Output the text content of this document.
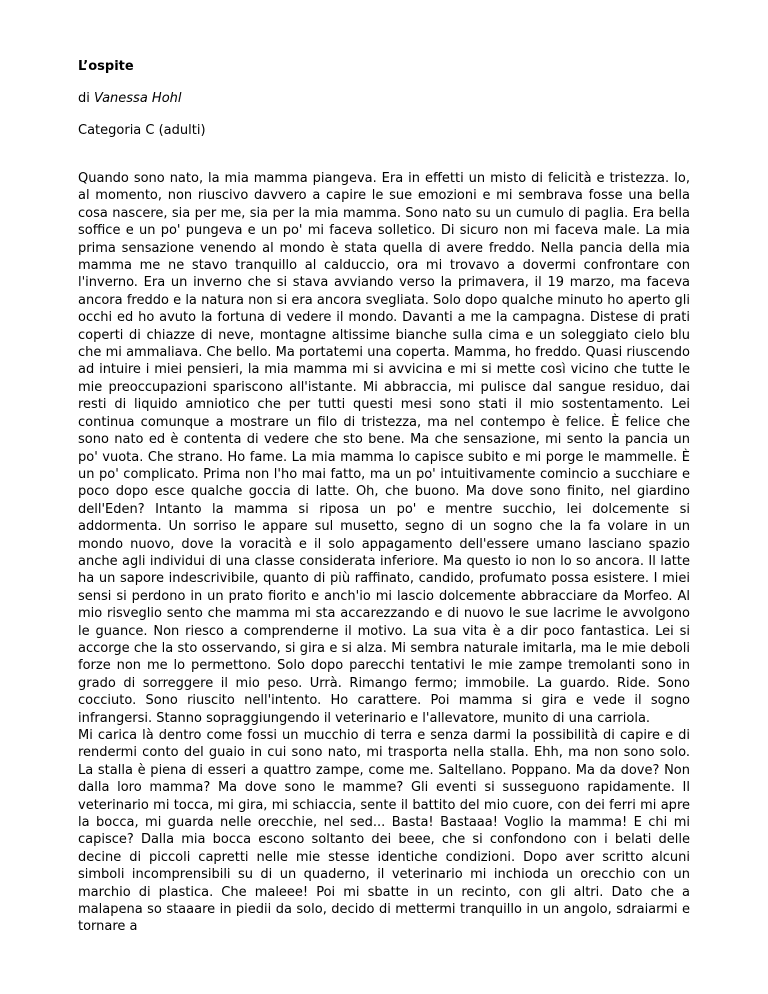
L’ospite

di Vanessa Hohl

Categoria C (adulti)

Quando sono nato, la mia mamma piangeva. Era in effetti un misto di felicità e tristezza. Io, al momento, non riuscivo davvero a capire le sue emozioni e mi sembrava fosse una bella cosa nascere, sia per me, sia per la mia mamma. Sono nato su un cumulo di paglia. Era bella soffice e un po' pungeva e un po' mi faceva solletico. Di sicuro non mi faceva male. La mia prima sensazione venendo al mondo è stata quella di avere freddo. Nella pancia della mia mamma me ne stavo tranquillo al calduccio, ora mi trovavo a dovermi confrontare con l'inverno. Era un inverno che si stava avviando verso la primavera, il 19 marzo, ma faceva ancora freddo e la natura non si era ancora svegliata. Solo dopo qualche minuto ho aperto gli occhi ed ho avuto la fortuna di vedere il mondo. Davanti a me la campagna. Distese di prati coperti di chiazze di neve, montagne altissime bianche sulla cima e un soleggiato cielo blu che mi ammaliava. Che bello. Ma portatemi una coperta. Mamma, ho freddo. Quasi riuscendo ad intuire i miei pensieri, la mia mamma mi si avvicina e mi si mette così vicino che tutte le mie preoccupazioni spariscono all'istante. Mi abbraccia, mi pulisce dal sangue residuo, dai resti di liquido amniotico che per tutti questi mesi sono stati il mio sostentamento. Lei continua comunque a mostrare un filo di tristezza, ma nel contempo è felice. È felice che sono nato ed è contenta di vedere che sto bene. Ma che sensazione, mi sento la pancia un po' vuota. Che strano. Ho fame. La mia mamma lo capisce subito e mi porge le mammelle. È un po' complicato. Prima non l'ho mai fatto, ma un po' intuitivamente comincio a succhiare e poco dopo esce qualche goccia di latte. Oh, che buono. Ma dove sono finito, nel giardino dell'Eden? Intanto la mamma si riposa un po' e mentre succhio, lei dolcemente si addormenta. Un sorriso le appare sul musetto, segno di un sogno che la fa volare in un mondo nuovo, dove la voracità e il solo appagamento dell'essere umano lasciano spazio anche agli individui di una classe considerata inferiore. Ma questo io non lo so ancora. Il latte ha un sapore indescrivibile, quanto di più raffinato, candido, profumato possa esistere. I miei sensi si perdono in un prato fiorito e anch'io mi lascio dolcemente abbracciare da Morfeo. Al mio risveglio sento che mamma mi sta accarezzando e di nuovo le sue lacrime le avvolgono le guance. Non riesco a comprenderne il motivo. La sua vita è a dir poco fantastica. Lei si accorge che la sto osservando, si gira e si alza. Mi sembra naturale imitarla, ma le mie deboli forze non me lo permettono. Solo dopo parecchi tentativi le mie zampe tremolanti sono in grado di sorreggere il mio peso. Urrà. Rimango fermo; immobile. La guardo. Ride. Sono cocciuto. Sono riuscito nell'intento. Ho carattere. Poi mamma si gira e vede il sogno infrangersi. Stanno sopraggiungendo il veterinario e l'allevatore, munito di una carriola.

Mi carica là dentro come fossi un mucchio di terra e senza darmi la possibilità di capire e di rendermi conto del guaio in cui sono nato, mi trasporta nella stalla. Ehh, ma non sono solo. La stalla è piena di esseri a quattro zampe, come me. Saltellano. Poppano. Ma da dove? Non dalla loro mamma? Ma dove sono le mamme? Gli eventi si susseguono rapidamente. Il veterinario mi tocca, mi gira, mi schiaccia, sente il battito del mio cuore, con dei ferri mi apre la bocca, mi guarda nelle orecchie, nel sed... Basta! Bastaaa! Voglio la mamma! E chi mi capisce? Dalla mia bocca escono soltanto dei beee, che si confondono con i belati delle decine di piccoli capretti nelle mie stesse identiche condizioni. Dopo aver scritto alcuni simboli incomprensibili su di un quaderno, il veterinario mi inchioda un orecchio con un marchio di plastica. Che maleee! Poi mi sbatte in un recinto, con gli altri. Dato che a malapena so staaare in piedii da solo, decido di mettermi tranquillo in un angolo, sdraiarmi e tornare a
